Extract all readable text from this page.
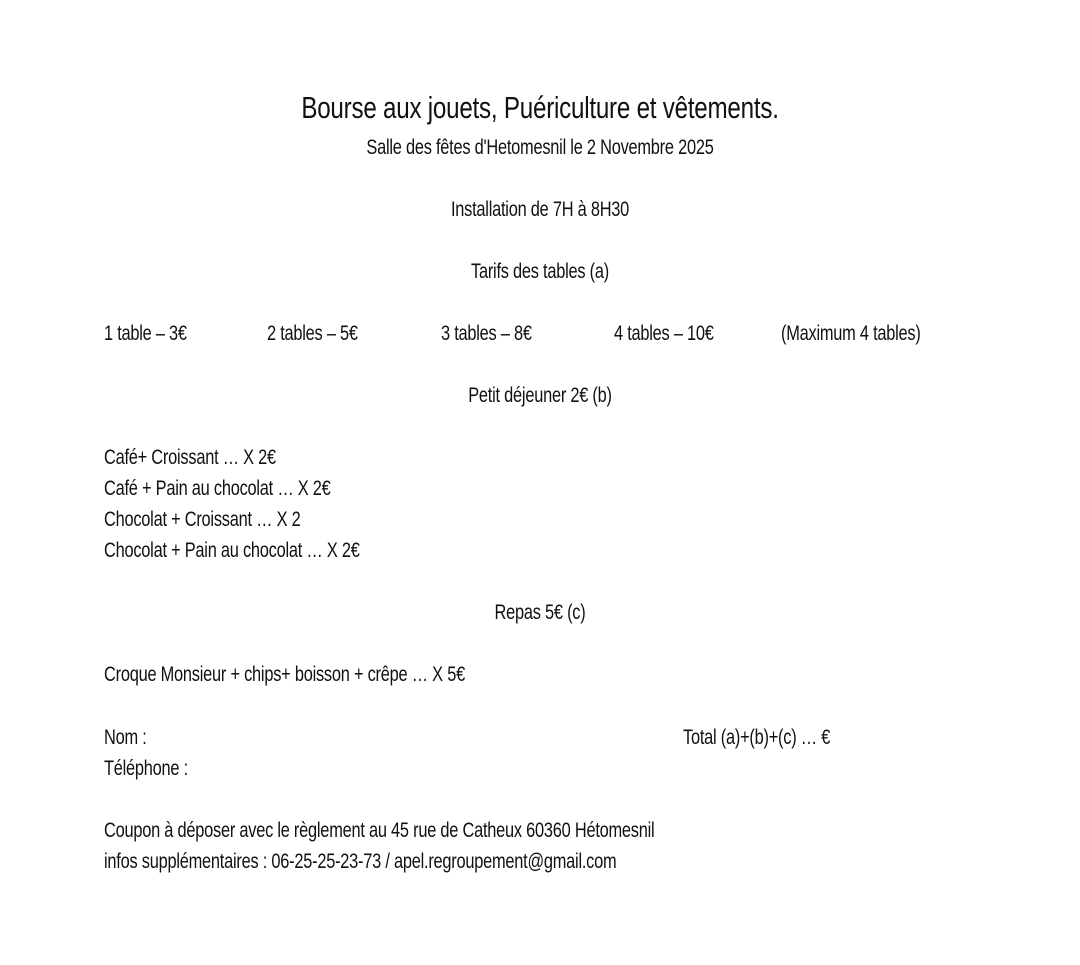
Bourse aux jouets, Puériculture et vêtements.
Salle des fêtes d'Hetomesnil le 2 Novembre 2025
Installation de 7H à 8H30
Tarifs des tables (a)
1 table – 3€	2 tables – 5€	3 tables – 8€	4 tables – 10€	(Maximum 4 tables)
Petit déjeuner 2€ (b)
Café+ Croissant … X 2€
Café + Pain au chocolat … X 2€
Chocolat + Croissant … X 2
Chocolat + Pain au chocolat … X 2€
Repas 5€ (c)
Croque Monsieur + chips+ boisson + crêpe … X 5€
Nom :	Total (a)+(b)+(c) … €
Téléphone :
Coupon à déposer avec le règlement au 45 rue de Catheux 60360 Hétomesnil
infos supplémentaires : 06-25-25-23-73 / apel.regroupement@gmail.com
